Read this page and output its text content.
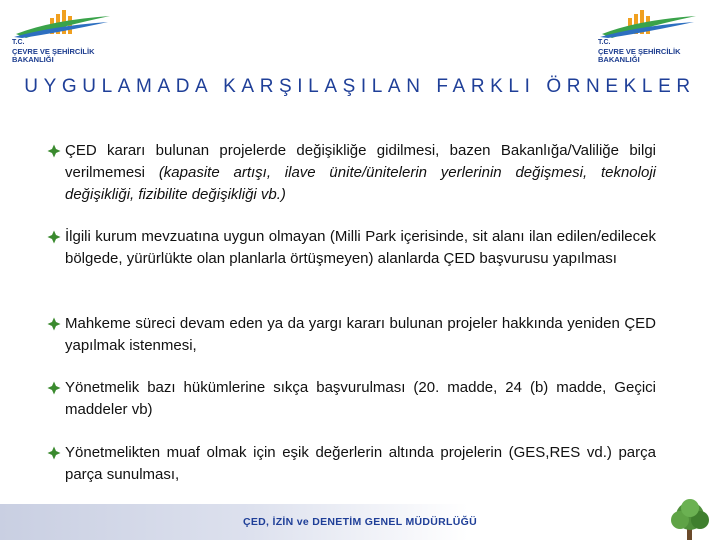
T.C.
ÇEVRE VE ŞEHİRCİLİK
BAKANLIĞI
T.C.
ÇEVRE VE ŞEHİRCİLİK
BAKANLIĞI
UYGULAMADA KARŞILAŞILAN FARKLI ÖRNEKLER
ÇED kararı bulunan projelerde değişikliğe gidilmesi, bazen Bakanlığa/Valiliğe bilgi verilmemesi (kapasite artışı, ilave ünite/ünitelerin yerlerinin değişmesi, teknoloji değişikliği, fizibilite değişikliği vb.)
İlgili kurum mevzuatına uygun olmayan (Milli Park içerisinde, sit alanı ilan edilen/edilecek bölgede, yürürlükte olan planlarla örtüşmeyen) alanlarda ÇED başvurusu yapılması
Mahkeme süreci devam eden ya da yargı kararı bulunan projeler hakkında yeniden ÇED yapılmak istenmesi,
Yönetmelik bazı hükümlerine sıkça başvurulması (20. madde, 24 (b) madde, Geçici maddeler vb)
Yönetmelikten muaf olmak için eşik değerlerin altında projelerin (GES,RES vd.) parça parça sunulması,
ÇED, İZİN ve DENETİM GENEL MÜDÜRLÜĞÜ
